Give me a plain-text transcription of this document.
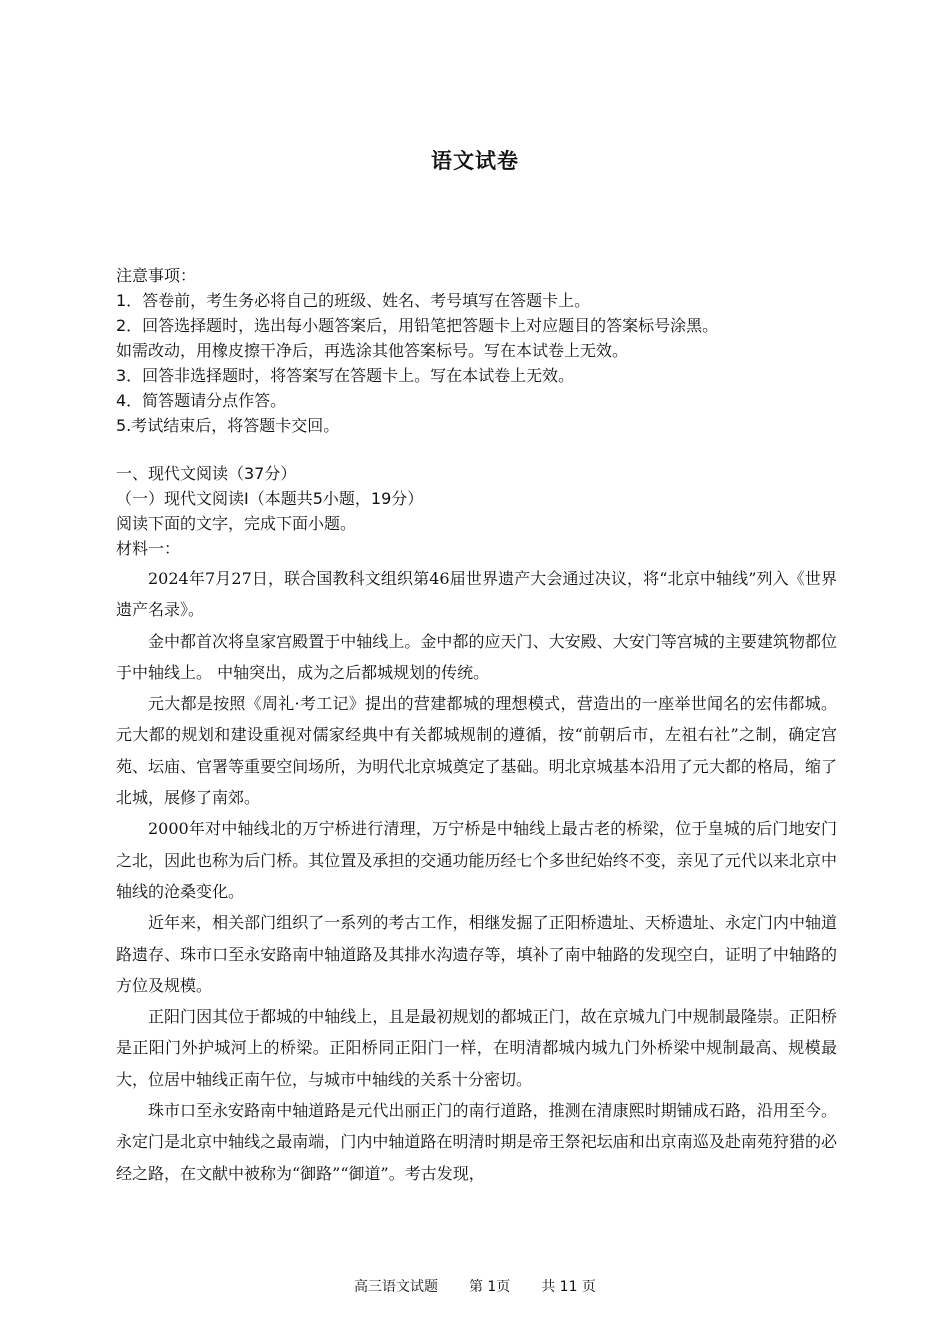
语文试卷
注意事项：
1．答卷前，考生务必将自己的班级、姓名、考号填写在答题卡上。
2．回答选择题时，选出每小题答案后，用铅笔把答题卡上对应题目的答案标号涂黑。
如需改动，用橡皮擦干净后，再选涂其他答案标号。写在本试卷上无效。
3．回答非选择题时，将答案写在答题卡上。写在本试卷上无效。
4．简答题请分点作答。
5.考试结束后，将答题卡交回。
一、现代文阅读（37分）
（一）现代文阅读Ⅰ（本题共5小题，19分）
阅读下面的文字，完成下面小题。
材料一：

2024年7月27日，联合国教科文组织第46届世界遗产大会通过决议，将“北京中轴线”列入《世界遗产名录》。

金中都首次将皇家宫殿置于中轴线上。金中都的应天门、大安殿、大安门等宫城的主要建筑物都位于中轴线上。 中轴突出，成为之后都城规划的传统。

元大都是按照《周礼·考工记》提出的营建都城的理想模式，营造出的一座举世闻名的宏伟都城。元大都的规划和建设重视对儒家经典中有关都城规制的遵循，按“前朝后市，左祖右社”之制，确定宫苑、坛庙、官署等重要空间场所，为明代北京城奠定了基础。明北京城基本沿用了元大都的格局，缩了北城，展修了南郊。

2000年对中轴线北的万宁桥进行清理，万宁桥是中轴线上最古老的桥梁，位于皇城的后门地安门之北，因此也称为后门桥。其位置及承担的交通功能历经七个多世纪始终不变，亲见了元代以来北京中轴线的沧桑变化。

近年来，相关部门组织了一系列的考古工作，相继发掘了正阳桥遗址、天桥遗址、永定门内中轴道路遗存、珠市口至永安路南中轴道路及其排水沟遗存等，填补了南中轴路的发现空白，证明了中轴路的方位及规模。

正阳门因其位于都城的中轴线上，且是最初规划的都城正门，故在京城九门中规制最隆崇。正阳桥是正阳门外护城河上的桥梁。正阳桥同正阳门一样，在明清都城内城九门外桥梁中规制最高、规模最大，位居中轴线正南午位，与城市中轴线的关系十分密切。

珠市口至永安路南中轴道路是元代出丽正门的南行道路，推测在清康熙时期铺成石路，沿用至今。永定门是北京中轴线之最南端，门内中轴道路在明清时期是帝王祭祀坛庙和出京南巡及赴南苑狩猎的必经之路，在文献中被称为“御路”“御道”。考古发现，

高三语文试题 第 1页 共 11 页
